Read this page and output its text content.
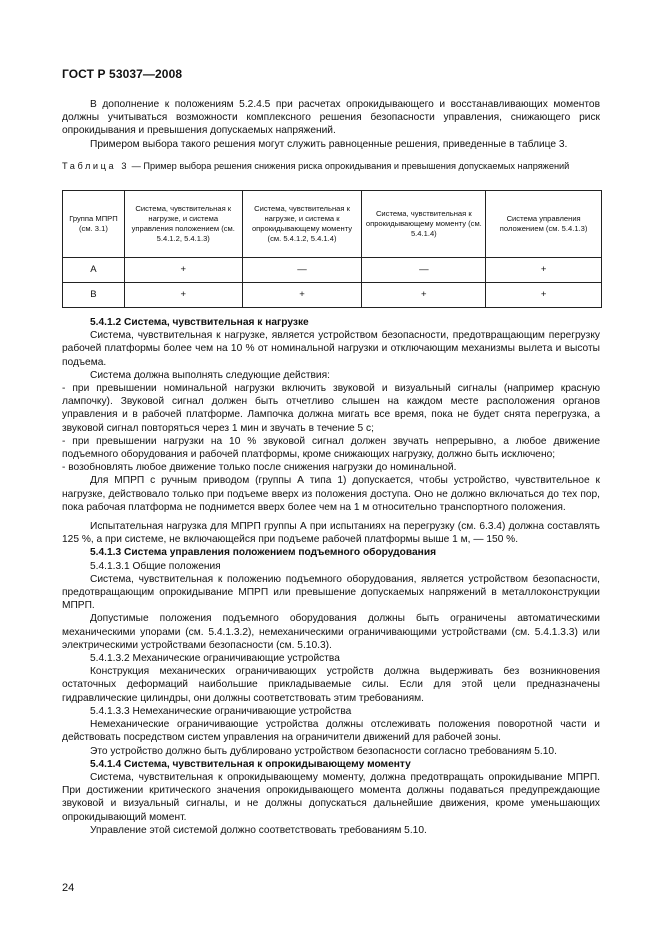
ГОСТ Р 53037—2008

В дополнение к положениям 5.2.4.5 при расчетах опрокидывающего и восстанавливающих моментов должны учитываться возможности комплексного решения безопасности управления, снижающего риск опрокидывания и превышения допускаемых напряжений.

Примером выбора такого решения могут служить равноценные решения, приведенные в таблице 3.

Таблица 3 — Пример выбора решения снижения риска опрокидывания и превышения допускаемых напряжений
Группа МПРП (см. 3.1)	Система, чувствительная к нагрузке, и система управления положением (см. 5.4.1.2, 5.4.1.3)	Система, чувствительная к нагрузке, и система к опрокидывающему моменту (см. 5.4.1.2, 5.4.1.4)	Система, чувствительная к опрокидывающему моменту (см. 5.4.1.4)	Система управления положением (см. 5.4.1.3)
А	+	—	—	+
В	+	+	+	+

5.4.1.2 Система, чувствительная к нагрузке

Система, чувствительная к нагрузке, является устройством безопасности, предотвращающим перегрузку рабочей платформы более чем на 10 % от номинальной нагрузки и отключающим механизмы вылета и высоты подъема.

Система должна выполнять следующие действия:

- при превышении номинальной нагрузки включить звуковой и визуальный сигналы (например красную лампочку). Звуковой сигнал должен быть отчетливо слышен на каждом месте расположения органов управления и в рабочей платформе. Лампочка должна мигать все время, пока не будет снята перегрузка, а звуковой сигнал повторяться через 1 мин и звучать в течение 5 с;

- при превышении нагрузки на 10 % звуковой сигнал должен звучать непрерывно, а любое движение подъемного оборудования и рабочей платформы, кроме снижающих нагрузку, должно быть исключено;

- возобновлять любое движение только после снижения нагрузки до номинальной.

Для МПРП с ручным приводом (группы А типа 1) допускается, чтобы устройство, чувствительное к нагрузке, действовало только при подъеме вверх из положения доступа. Оно не должно включаться до тех пор, пока рабочая платформа не поднимется вверх более чем на 1 м относительно транспортного положения.

Испытательная нагрузка для МПРП группы А при испытаниях на перегрузку (см. 6.3.4) должна составлять 125 %, а при системе, не включающейся при подъеме рабочей платформы выше 1 м, — 150 %.

5.4.1.3 Система управления положением подъемного оборудования

5.4.1.3.1 Общие положения

Система, чувствительная к положению подъемного оборудования, является устройством безопасности, предотвращающим опрокидывание МПРП или превышение допускаемых напряжений в металлоконструкции МПРП.

Допустимые положения подъемного оборудования должны быть ограничены автоматическими механическими упорами (см. 5.4.1.3.2), немеханическими ограничивающими устройствами (см. 5.4.1.3.3) или электрическими устройствами безопасности (см. 5.10.3).

5.4.1.3.2 Механические ограничивающие устройства

Конструкция механических ограничивающих устройств должна выдерживать без возникновения остаточных деформаций наибольшие прикладываемые силы. Если для этой цели предназначены гидравлические цилиндры, они должны соответствовать этим требованиям.

5.4.1.3.3 Немеханические ограничивающие устройства

Немеханические ограничивающие устройства должны отслеживать положения поворотной части и действовать посредством систем управления на ограничители движений для рабочей зоны.

Это устройство должно быть дублировано устройством безопасности согласно требованиям 5.10.

5.4.1.4 Система, чувствительная к опрокидывающему моменту

Система, чувствительная к опрокидывающему моменту, должна предотвращать опрокидывание МПРП. При достижении критического значения опрокидывающего момента должны подаваться предупреждающие звуковой и визуальный сигналы, и не должны допускаться дальнейшие движения, кроме уменьшающих опрокидывающий момент.

Управление этой системой должно соответствовать требованиям 5.10.

24
